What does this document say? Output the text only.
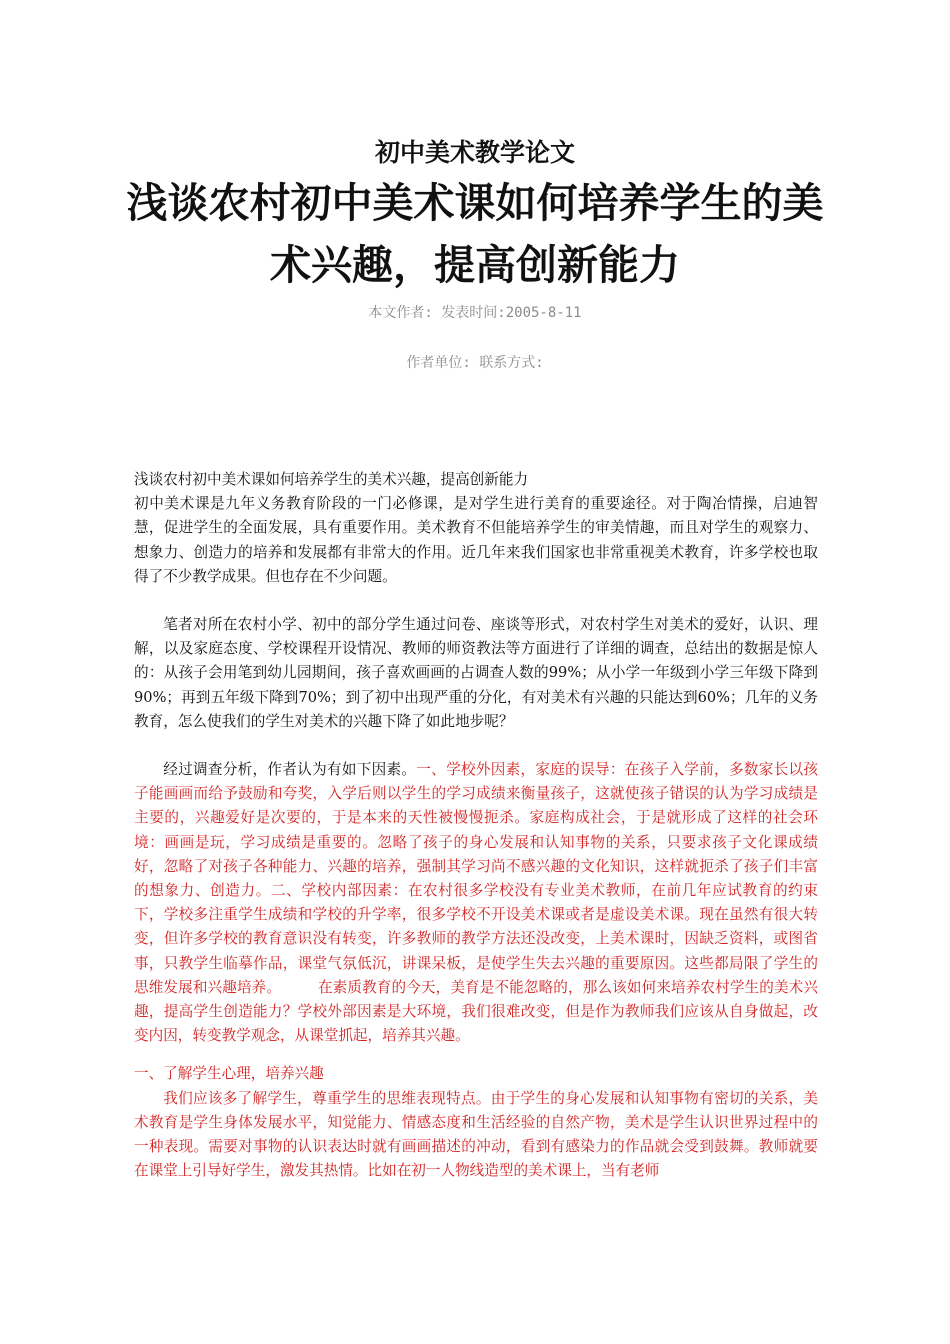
初中美术教学论文
浅谈农村初中美术课如何培养学生的美
术兴趣，提高创新能力
本文作者: 发表时间:2005-8-11
作者单位: 联系方式:

浅谈农村初中美术课如何培养学生的美术兴趣，提高创新能力

初中美术课是九年义务教育阶段的一门必修课，是对学生进行美育的重要途径。对于陶冶情操，启迪智慧，促进学生的全面发展，具有重要作用。美术教育不但能培养学生的审美情趣，而且对学生的观察力、想象力、创造力的培养和发展都有非常大的作用。近几年来我们国家也非常重视美术教育，许多学校也取得了不少教学成果。但也存在不少问题。

笔者对所在农村小学、初中的部分学生通过问卷、座谈等形式，对农村学生对美术的爱好，认识、理解，以及家庭态度、学校课程开设情况、教师的师资教法等方面进行了详细的调查，总结出的数据是惊人的：从孩子会用笔到幼儿园期间，孩子喜欢画画的占调查人数的99%；从小学一年级到小学三年级下降到90%；再到五年级下降到70%；到了初中出现严重的分化，有对美术有兴趣的只能达到60%；几年的义务教育，怎么使我们的学生对美术的兴趣下降了如此地步呢？

经过调查分析，作者认为有如下因素。一、学校外因素，家庭的误导：在孩子入学前，多数家长以孩子能画画而给予鼓励和夸奖，入学后则以学生的学习成绩来衡量孩子，这就使孩子错误的认为学习成绩是主要的，兴趣爱好是次要的，于是本来的天性被慢慢扼杀。家庭构成社会，于是就形成了这样的社会环境：画画是玩，学习成绩是重要的。忽略了孩子的身心发展和认知事物的关系，只要求孩子文化课成绩好，忽略了对孩子各种能力、兴趣的培养，强制其学习尚不感兴趣的文化知识，这样就扼杀了孩子们丰富的想象力、创造力。二、学校内部因素：在农村很多学校没有专业美术教师，在前几年应试教育的约束下，学校多注重学生成绩和学校的升学率，很多学校不开设美术课或者是虚设美术课。现在虽然有很大转变，但许多学校的教育意识没有转变，许多教师的教学方法还没改变，上美术课时，因缺乏资料，或图省事，只教学生临摹作品，课堂气氛低沉，讲课呆板，是使学生失去兴趣的重要原因。这些都局限了学生的思维发展和兴趣培养。　　　在素质教育的今天，美育是不能忽略的，那么该如何来培养农村学生的美术兴趣，提高学生创造能力？学校外部因素是大环境，我们很难改变，但是作为教师我们应该从自身做起，改变内因，转变教学观念，从课堂抓起，培养其兴趣。

一、了解学生心理，培养兴趣

我们应该多了解学生，尊重学生的思维表现特点。由于学生的身心发展和认知事物有密切的关系，美术教育是学生身体发展水平，知觉能力、情感态度和生活经验的自然产物，美术是学生认识世界过程中的一种表现。需要对事物的认识表达时就有画画描述的冲动，看到有感染力的作品就会受到鼓舞。教师就要在课堂上引导好学生，激发其热情。比如在初一人物线造型的美术课上，当有老师
